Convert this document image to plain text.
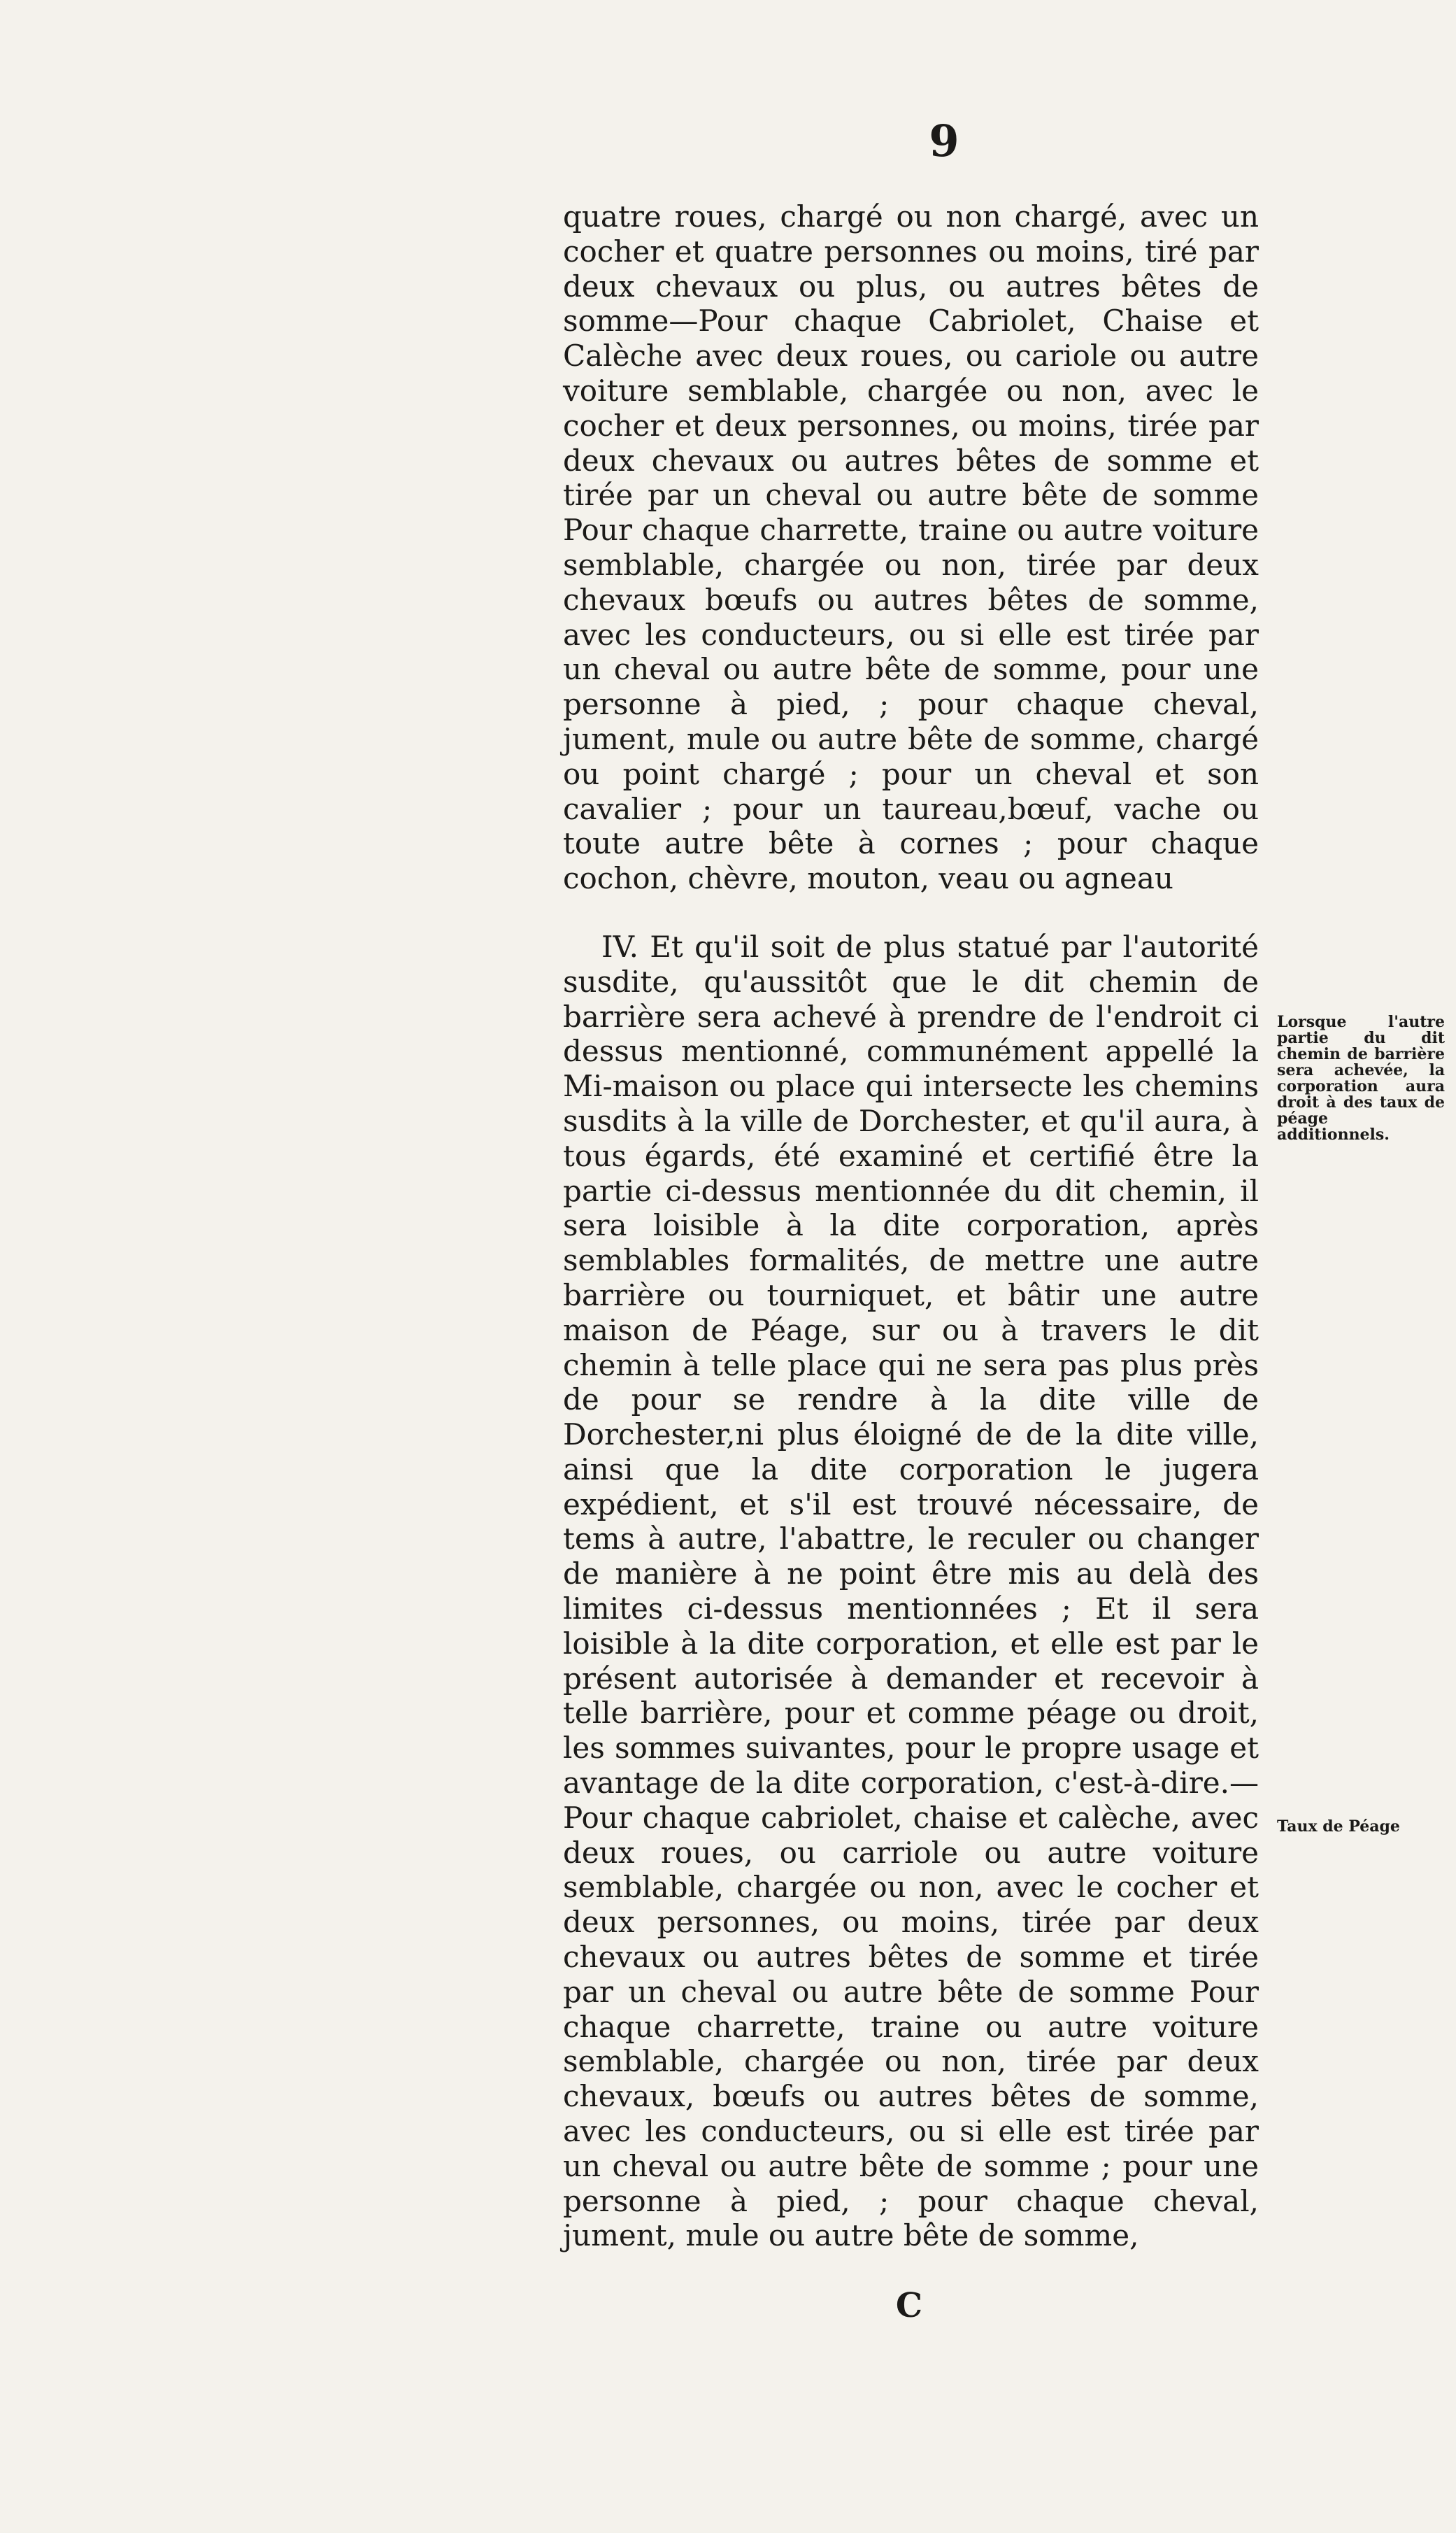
9

quatre roues, chargé ou non chargé, avec un cocher et quatre personnes ou moins, tiré par deux chevaux ou plus, ou autres bêtes de somme—Pour chaque Cabriolet, Chaise et Calèche avec deux roues, ou cariole ou autre voiture semblable, chargée ou non, avec le cocher et deux personnes, ou moins, tirée par deux chevaux ou autres bêtes de somme et tirée par un cheval ou autre bête de somme Pour chaque charrette, traine ou autre voiture semblable, chargée ou non, tirée par deux chevaux bœufs ou autres bêtes de somme, avec les conducteurs, ou si elle est tirée par un cheval ou autre bête de somme, pour une personne à pied, ; pour chaque cheval, jument, mule ou autre bête de somme, chargé ou point chargé ; pour un cheval et son cavalier ; pour un taureau,bœuf, vache ou toute autre bête à cornes ; pour chaque cochon, chèvre, mouton, veau ou agneau

IV. Et qu'il soit de plus statué par l'autorité susdite, qu'aussitôt que le dit chemin de barrière sera achevé à prendre de l'endroit ci dessus mentionné, communément appellé la Mi-maison ou place qui intersecte les chemins susdits à la ville de Dorchester, et qu'il aura, à tous égards, été examiné et certifié être la partie ci-dessus mentionnée du dit chemin, il sera loisible à la dite corporation, après semblables formalités, de mettre une autre barrière ou tourniquet, et bâtir une autre maison de Péage, sur ou à travers le dit chemin à telle place qui ne sera pas plus près de pour se rendre à la dite ville de Dorchester,ni plus éloigné de de la dite ville, ainsi que la dite corporation le jugera expédient, et s'il est trouvé nécessaire, de tems à autre, l'abattre, le reculer ou changer de manière à ne point être mis au delà des limites ci-dessus mentionnées ; Et il sera loisible à la dite corporation, et elle est par le présent autorisée à demander et recevoir à telle barrière, pour et comme péage ou droit, les sommes suivantes, pour le propre usage et avantage de la dite corporation, c'est-à-dire.—Pour chaque cabriolet, chaise et calèche, avec deux roues, ou carriole ou autre voiture semblable, chargée ou non, avec le cocher et deux personnes, ou moins, tirée par deux chevaux ou autres bêtes de somme et tirée par un cheval ou autre bête de somme Pour chaque charrette, traine ou autre voiture semblable, chargée ou non, tirée par deux chevaux, bœufs ou autres bêtes de somme, avec les conducteurs, ou si elle est tirée par un cheval ou autre bête de somme ; pour une personne à pied, ; pour chaque cheval, jument, mule ou autre bête de somme,

Lorsque l'autre partie du dit chemin de barrière sera achevée, la corporation aura droit à des taux de péage additionnels.
Taux de Péage
C
